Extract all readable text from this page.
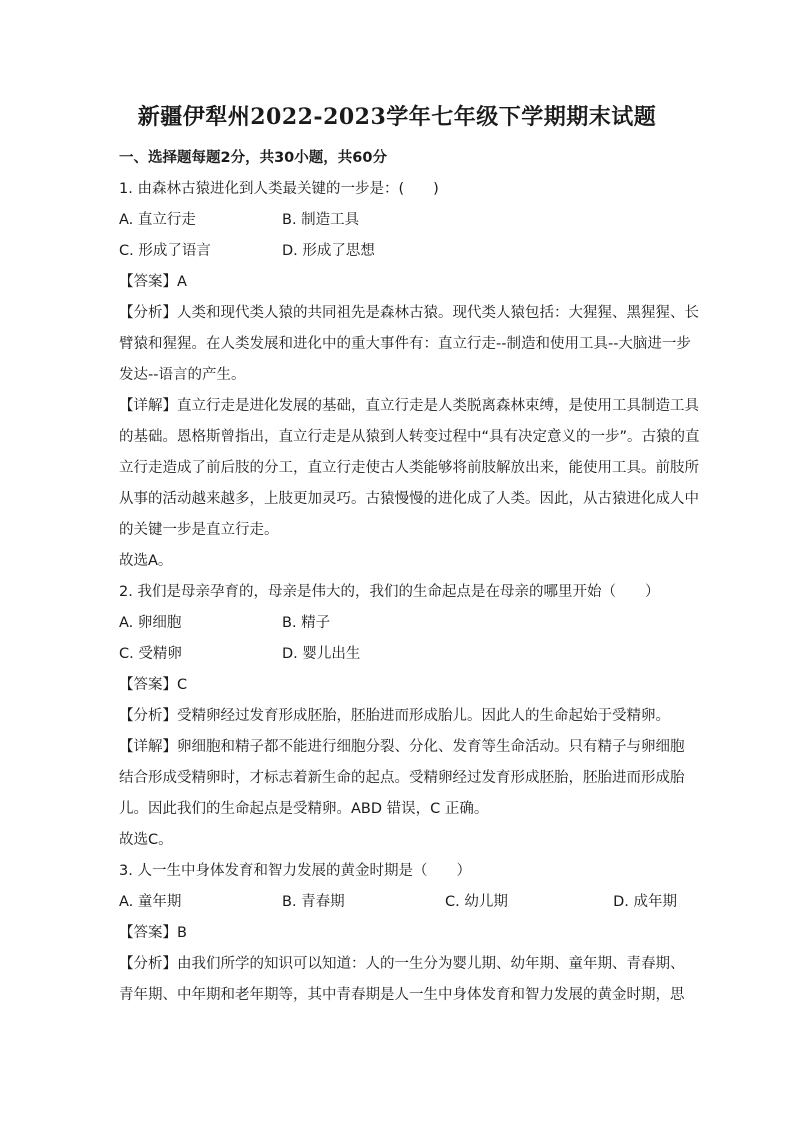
新疆伊犁州2022-2023学年七年级下学期期末试题
一、选择题每题2分，共30小题，共60分
1. 由森林古猿进化到人类最关键的一步是：(　　)
A. 直立行走	B. 制造工具
C. 形成了语言	D. 形成了思想
【答案】A
【分析】人类和现代类人猿的共同祖先是森林古猿。现代类人猿包括：大猩猩、黑猩猩、长
臂猿和猩猩。在人类发展和进化中的重大事件有：直立行走--制造和使用工具--大脑进一步
发达--语言的产生。
【详解】直立行走是进化发展的基础，直立行走是人类脱离森林束缚，是使用工具制造工具
的基础。恩格斯曾指出，直立行走是从猿到人转变过程中“具有决定意义的一步”。古猿的直
立行走造成了前后肢的分工，直立行走使古人类能够将前肢解放出来，能使用工具。前肢所
从事的活动越来越多，上肢更加灵巧。古猿慢慢的进化成了人类。因此，从古猿进化成人中
的关键一步是直立行走。
故选A。
2. 我们是母亲孕育的，母亲是伟大的，我们的生命起点是在母亲的哪里开始（　　）
A. 卵细胞	B. 精子
C. 受精卵	D. 婴儿出生
【答案】C
【分析】受精卵经过发育形成胚胎，胚胎进而形成胎儿。因此人的生命起始于受精卵。
【详解】卵细胞和精子都不能进行细胞分裂、分化、发育等生命活动。只有精子与卵细胞
结合形成受精卵时，才标志着新生命的起点。受精卵经过发育形成胚胎，胚胎进而形成胎
儿。因此我们的生命起点是受精卵。ABD 错误，C 正确。
故选C。
3. 人一生中身体发育和智力发展的黄金时期是（　　）
A. 童年期	B. 青春期	C. 幼儿期	D. 成年期
【答案】B
【分析】由我们所学的知识可以知道：人的一生分为婴儿期、幼年期、童年期、青春期、
青年期、中年期和老年期等，其中青春期是人一生中身体发育和智力发展的黄金时期，思
